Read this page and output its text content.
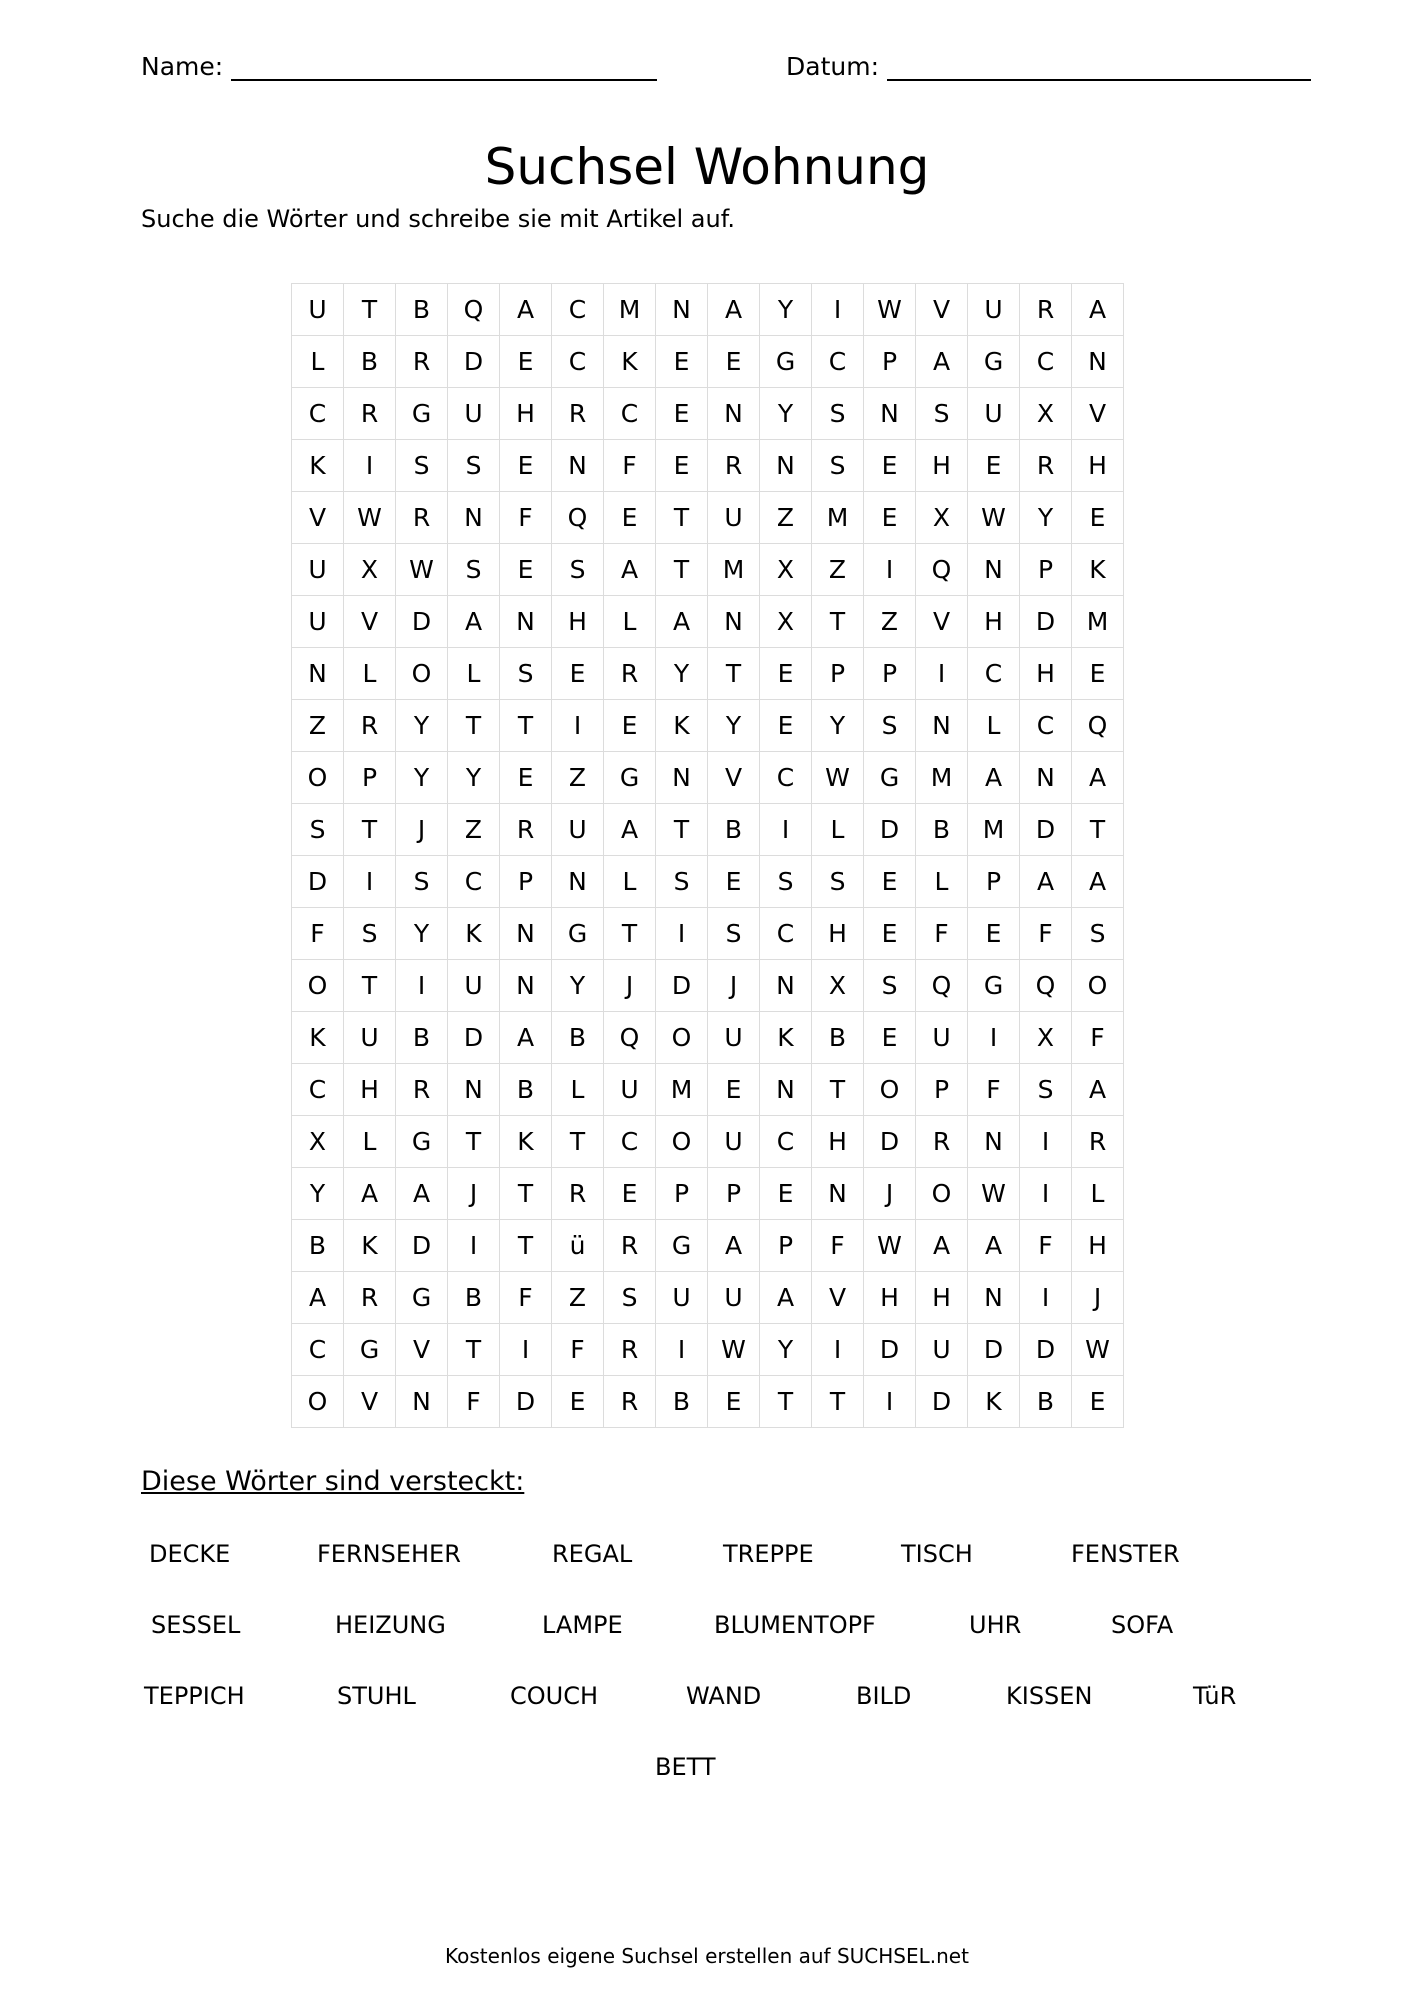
Name:	Datum:
Suchsel Wohnung

Suche die Wörter und schreibe sie mit Artikel auf.

U	T	B	Q	A	C	M	N	A	Y	I	W	V	U	R	A
L	B	R	D	E	C	K	E	E	G	C	P	A	G	C	N
C	R	G	U	H	R	C	E	N	Y	S	N	S	U	X	V
K	I	S	S	E	N	F	E	R	N	S	E	H	E	R	H
V	W	R	N	F	Q	E	T	U	Z	M	E	X	W	Y	E
U	X	W	S	E	S	A	T	M	X	Z	I	Q	N	P	K
U	V	D	A	N	H	L	A	N	X	T	Z	V	H	D	M
N	L	O	L	S	E	R	Y	T	E	P	P	I	C	H	E
Z	R	Y	T	T	I	E	K	Y	E	Y	S	N	L	C	Q
O	P	Y	Y	E	Z	G	N	V	C	W	G	M	A	N	A
S	T	J	Z	R	U	A	T	B	I	L	D	B	M	D	T
D	I	S	C	P	N	L	S	E	S	S	E	L	P	A	A
F	S	Y	K	N	G	T	I	S	C	H	E	F	E	F	S
O	T	I	U	N	Y	J	D	J	N	X	S	Q	G	Q	O
K	U	B	D	A	B	Q	O	U	K	B	E	U	I	X	F
C	H	R	N	B	L	U	M	E	N	T	O	P	F	S	A
X	L	G	T	K	T	C	O	U	C	H	D	R	N	I	R
Y	A	A	J	T	R	E	P	P	E	N	J	O	W	I	L
B	K	D	I	T	ü	R	G	A	P	F	W	A	A	F	H
A	R	G	B	F	Z	S	U	U	A	V	H	H	N	I	J
C	G	V	T	I	F	R	I	W	Y	I	D	U	D	D	W
O	V	N	F	D	E	R	B	E	T	T	I	D	K	B	E
Diese Wörter sind versteckt:
DECKE	FERNSEHER	REGAL	TREPPE	TISCH	FENSTER
SESSEL	HEIZUNG	LAMPE	BLUMENTOPF	UHR	SOFA
TEPPICH	STUHL	COUCH	WAND	BILD	KISSEN	TüR
BETT
Kostenlos eigene Suchsel erstellen auf SUCHSEL.net
